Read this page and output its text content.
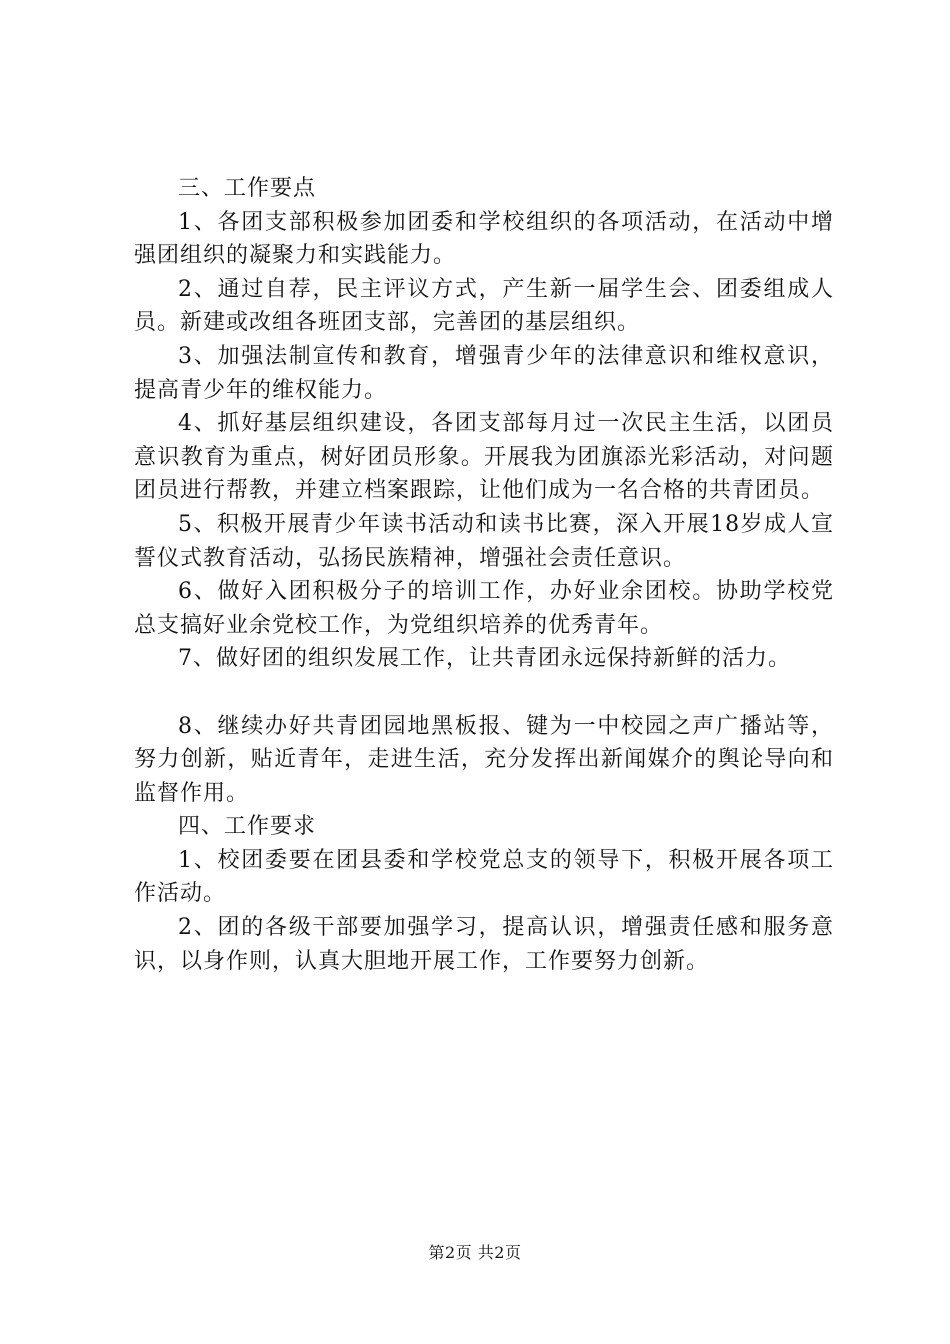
三、工作要点

1、各团支部积极参加团委和学校组织的各项活动，在活动中增强团组织的凝聚力和实践能力。

2、通过自荐，民主评议方式，产生新一届学生会、团委组成人员。新建或改组各班团支部，完善团的基层组织。

3、加强法制宣传和教育，增强青少年的法律意识和维权意识，提高青少年的维权能力。

4、抓好基层组织建设，各团支部每月过一次民主生活，以团员意识教育为重点，树好团员形象。开展我为团旗添光彩活动，对问题团员进行帮教，并建立档案跟踪，让他们成为一名合格的共青团员。

5、积极开展青少年读书活动和读书比赛，深入开展18岁成人宣誓仪式教育活动，弘扬民族精神，增强社会责任意识。

6、做好入团积极分子的培训工作，办好业余团校。协助学校党总支搞好业余党校工作，为党组织培养的优秀青年。

7、做好团的组织发展工作，让共青团永远保持新鲜的活力。

8、继续办好共青团园地黑板报、键为一中校园之声广播站等，努力创新，贴近青年，走进生活，充分发挥出新闻媒介的舆论导向和监督作用。

四、工作要求

1、校团委要在团县委和学校党总支的领导下，积极开展各项工作活动。

2、团的各级干部要加强学习，提高认识，增强责任感和服务意识，以身作则，认真大胆地开展工作，工作要努力创新。

第2页 共2页
